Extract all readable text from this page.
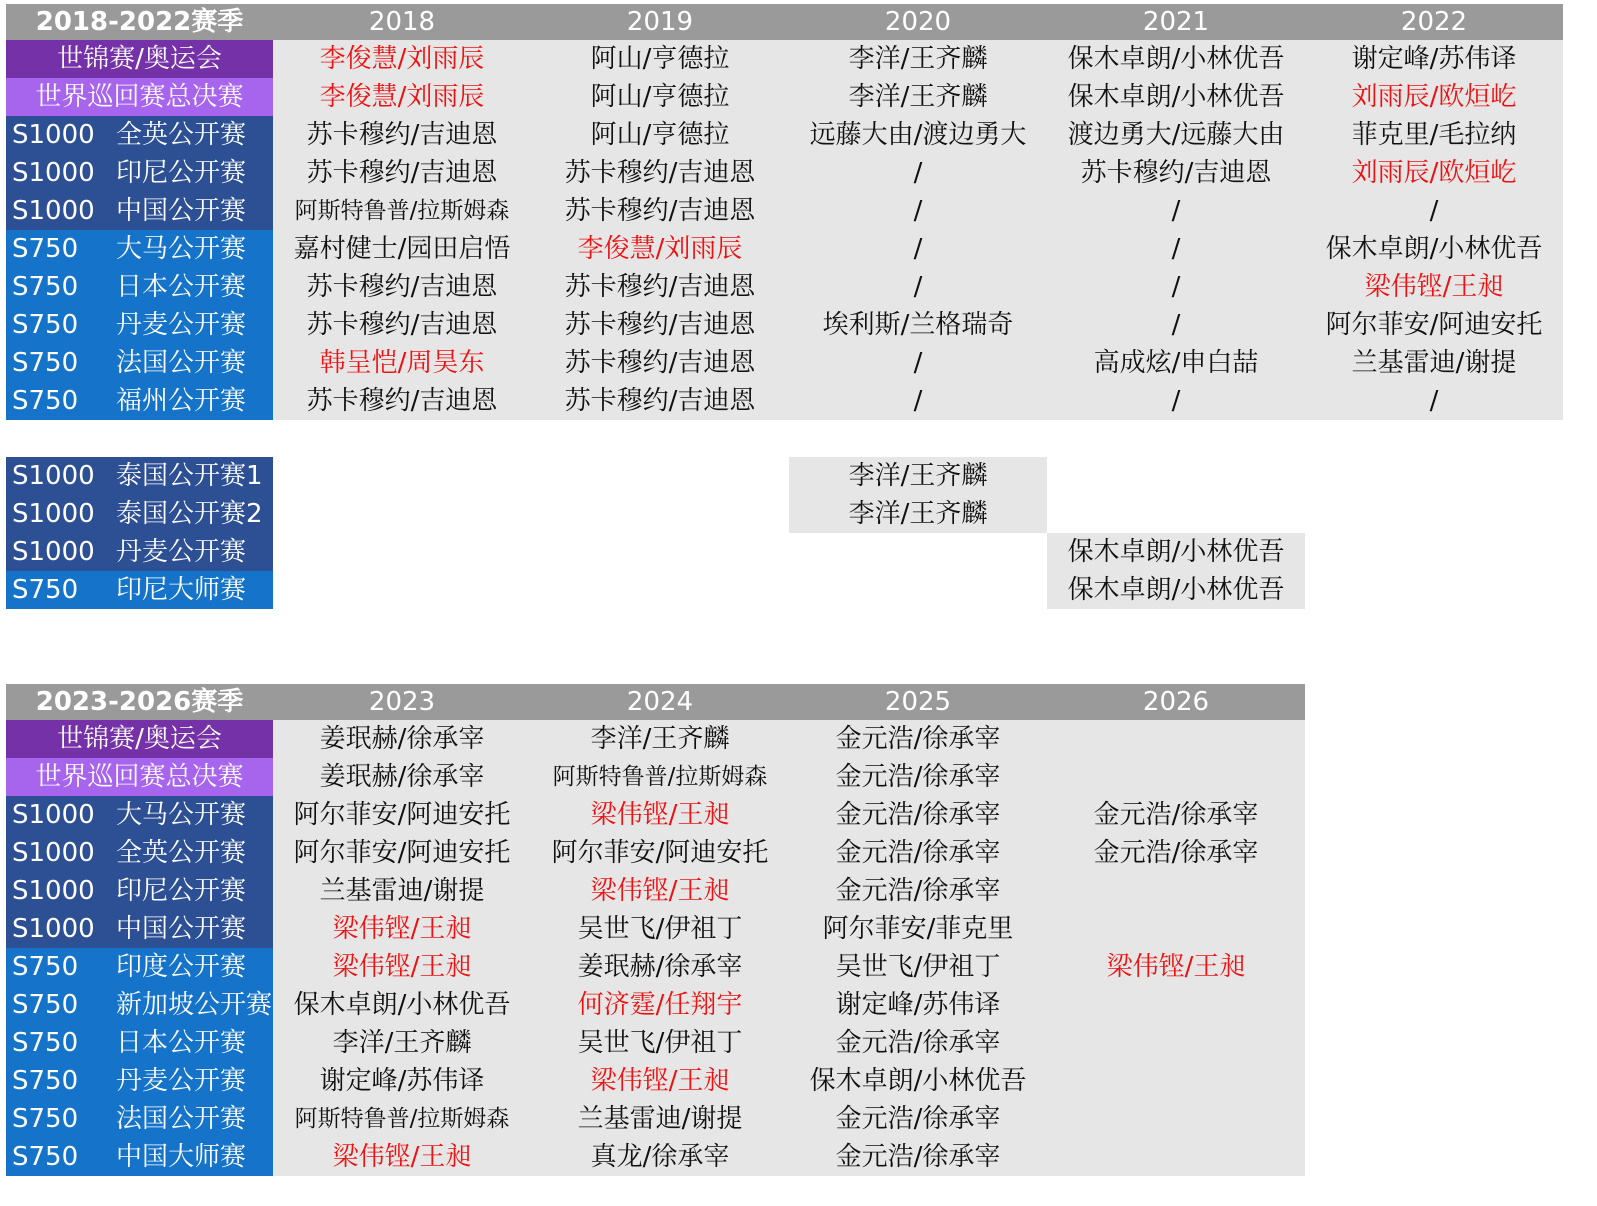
2018-2022赛季	2018	2019	2020	2021	2022
世锦赛/奥运会	李俊慧/刘雨辰	阿山/亨德拉	李洋/王齐麟	保木卓朗/小林优吾	谢定峰/苏伟译
世界巡回赛总决赛	李俊慧/刘雨辰	阿山/亨德拉	李洋/王齐麟	保木卓朗/小林优吾	刘雨辰/欧烜屹
S1000 全英公开赛	苏卡穆约/吉迪恩	阿山/亨德拉	远藤大由/渡边勇大	渡边勇大/远藤大由	菲克里/毛拉纳
S1000 印尼公开赛	苏卡穆约/吉迪恩	苏卡穆约/吉迪恩	/	苏卡穆约/吉迪恩	刘雨辰/欧烜屹
S1000 中国公开赛	阿斯特鲁普/拉斯姆森	苏卡穆约/吉迪恩	/	/	/
S750 大马公开赛	嘉村健士/园田启悟	李俊慧/刘雨辰	/	/	保木卓朗/小林优吾
S750 日本公开赛	苏卡穆约/吉迪恩	苏卡穆约/吉迪恩	/	/	梁伟铿/王昶
S750 丹麦公开赛	苏卡穆约/吉迪恩	苏卡穆约/吉迪恩	埃利斯/兰格瑞奇	/	阿尔菲安/阿迪安托
S750 法国公开赛	韩呈恺/周昊东	苏卡穆约/吉迪恩	/	高成炫/申白喆	兰基雷迪/谢提
S750 福州公开赛	苏卡穆约/吉迪恩	苏卡穆约/吉迪恩	/	/	/
S1000 泰国公开赛1			李洋/王齐麟		
S1000 泰国公开赛2			李洋/王齐麟		
S1000 丹麦公开赛				保木卓朗/小林优吾	
S750 印尼大师赛				保木卓朗/小林优吾	
2023-2026赛季	2023	2024	2025	2026
世锦赛/奥运会	姜珉赫/徐承宰	李洋/王齐麟	金元浩/徐承宰	
世界巡回赛总决赛	姜珉赫/徐承宰	阿斯特鲁普/拉斯姆森	金元浩/徐承宰	
S1000 大马公开赛	阿尔菲安/阿迪安托	梁伟铿/王昶	金元浩/徐承宰	金元浩/徐承宰
S1000 全英公开赛	阿尔菲安/阿迪安托	阿尔菲安/阿迪安托	金元浩/徐承宰	金元浩/徐承宰
S1000 印尼公开赛	兰基雷迪/谢提	梁伟铿/王昶	金元浩/徐承宰	
S1000 中国公开赛	梁伟铿/王昶	吴世飞/伊祖丁	阿尔菲安/菲克里	
S750 印度公开赛	梁伟铿/王昶	姜珉赫/徐承宰	吴世飞/伊祖丁	梁伟铿/王昶
S750 新加坡公开赛	保木卓朗/小林优吾	何济霆/任翔宇	谢定峰/苏伟译	
S750 日本公开赛	李洋/王齐麟	吴世飞/伊祖丁	金元浩/徐承宰	
S750 丹麦公开赛	谢定峰/苏伟译	梁伟铿/王昶	保木卓朗/小林优吾	
S750 法国公开赛	阿斯特鲁普/拉斯姆森	兰基雷迪/谢提	金元浩/徐承宰	
S750 中国大师赛	梁伟铿/王昶	真龙/徐承宰	金元浩/徐承宰	
